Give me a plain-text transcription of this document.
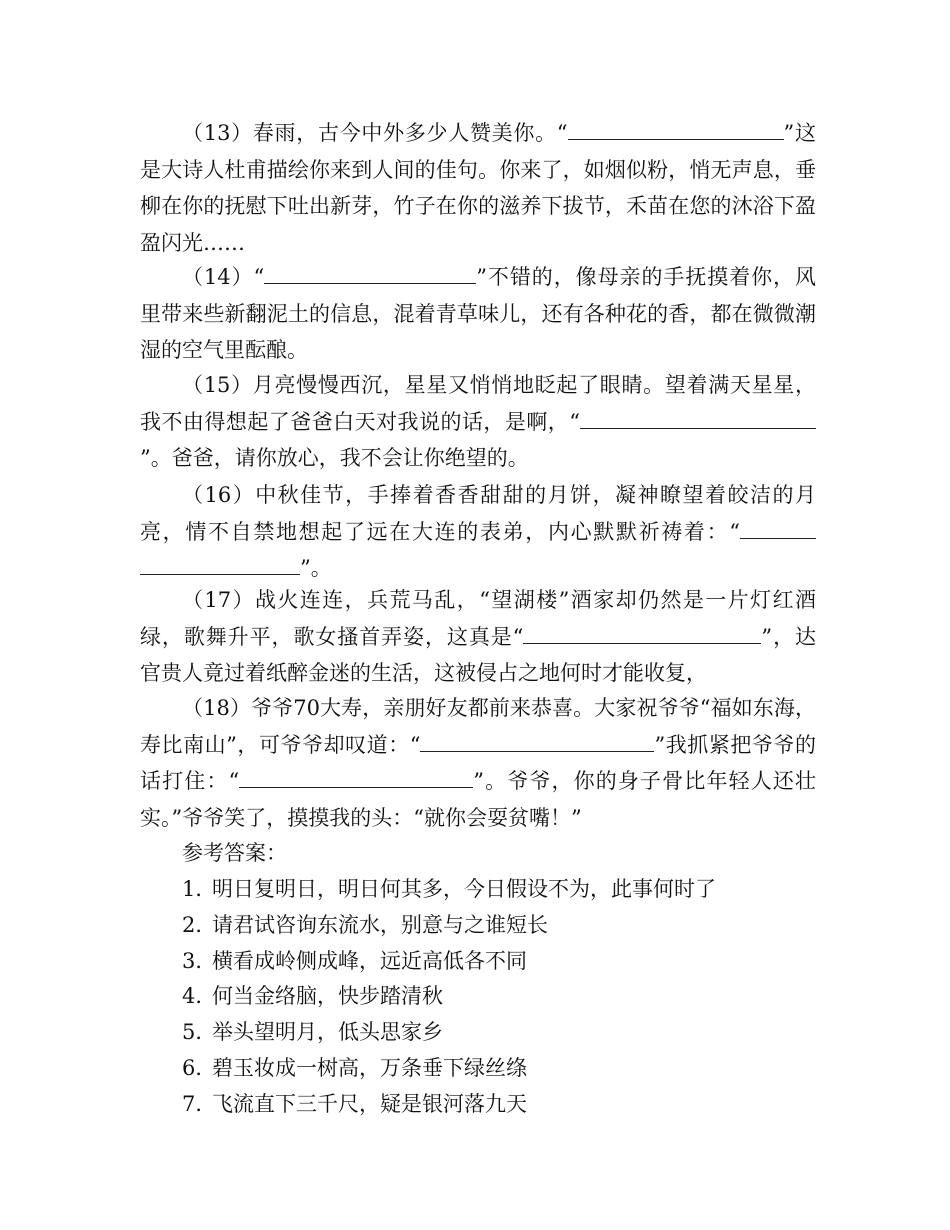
（13）春雨，古今中外多少人赞美你。“	”这是大诗人杜甫描绘你来到人间的佳句。你来了，如烟似粉，悄无声息，垂柳在你的抚慰下吐出新芽，竹子在你的滋养下拔节，禾苗在您的沐浴下盈盈闪光……

（14）“	”不错的，像母亲的手抚摸着你，风里带来些新翻泥土的信息，混着青草味儿，还有各种花的香，都在微微潮湿的空气里酝酿。

（15）月亮慢慢西沉，星星又悄悄地眨起了眼睛。望着满天星星，我不由得想起了爸爸白天对我说的话，是啊，“”。爸爸，请你放心，我不会让你绝望的。

（16）中秋佳节，手捧着香香甜甜的月饼，凝神瞭望着皎洁的月亮，情不自禁地想起了远在大连的表弟，内心默默祈祷着：“”。

（17）战火连连，兵荒马乱，“望湖楼”酒家却仍然是一片灯红酒绿，歌舞升平，歌女搔首弄姿，这真是“	”，达官贵人竟过着纸醉金迷的生活，这被侵占之地何时才能收复，

（18）爷爷70大寿，亲朋好友都前来恭喜。大家祝爷爷“福如东海，寿比南山”，可爷爷却叹道：“	”我抓紧把爷爷的话打住：“	”。爷爷，你的身子骨比年轻人还壮实。”爷爷笑了，摸摸我的头：“就你会耍贫嘴！”

参考答案：

1．明日复明日，明日何其多，今日假设不为，此事何时了
2．请君试咨询东流水，别意与之谁短长
3．横看成岭侧成峰，远近高低各不同
4．何当金络脑，快步踏清秋
5．举头望明月，低头思家乡
6．碧玉妆成一树高，万条垂下绿丝绦
7．飞流直下三千尺，疑是银河落九天
